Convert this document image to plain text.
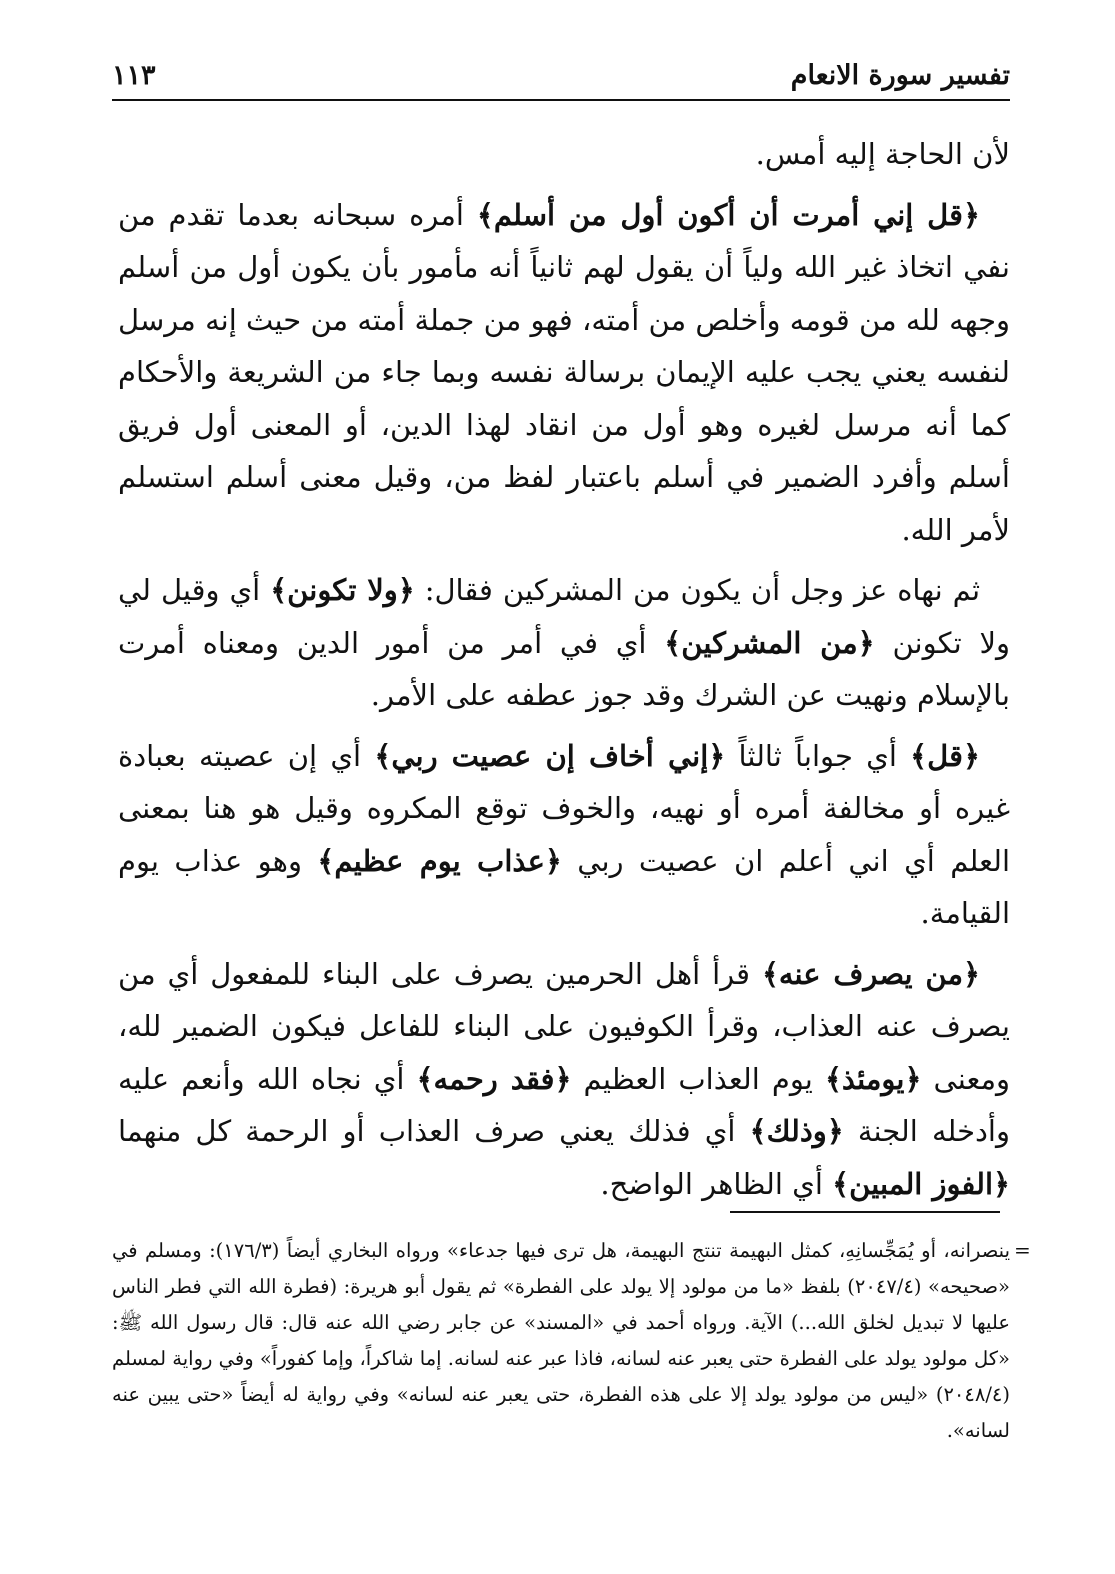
تفسير سورة الانعام
١١٣

لأن الحاجة إليه أمس.

﴿قل إني أمرت أن أكون أول من أسلم﴾ أمره سبحانه بعدما تقدم من نفي اتخاذ غير الله ولياً أن يقول لهم ثانياً أنه مأمور بأن يكون أول من أسلم وجهه لله من قومه وأخلص من أمته، فهو من جملة أمته من حيث إنه مرسل لنفسه يعني يجب عليه الإيمان برسالة نفسه وبما جاء من الشريعة والأحكام كما أنه مرسل لغيره وهو أول من انقاد لهذا الدين، أو المعنى أول فريق أسلم وأفرد الضمير في أسلم باعتبار لفظ من، وقيل معنى أسلم استسلم لأمر الله.

ثم نهاه عز وجل أن يكون من المشركين فقال: ﴿ولا تكونن﴾ أي وقيل لي ولا تكونن ﴿من المشركين﴾ أي في أمر من أمور الدين ومعناه أمرت بالإسلام ونهيت عن الشرك وقد جوز عطفه على الأمر.

﴿قل﴾ أي جواباً ثالثاً ﴿إني أخاف إن عصيت ربي﴾ أي إن عصيته بعبادة غيره أو مخالفة أمره أو نهيه، والخوف توقع المكروه وقيل هو هنا بمعنى العلم أي اني أعلم ان عصيت ربي ﴿عذاب يوم عظيم﴾ وهو عذاب يوم القيامة.

﴿من يصرف عنه﴾ قرأ أهل الحرمين يصرف على البناء للمفعول أي من يصرف عنه العذاب، وقرأ الكوفيون على البناء للفاعل فيكون الضمير لله، ومعنى ﴿يومئذ﴾ يوم العذاب العظيم ﴿فقد رحمه﴾ أي نجاه الله وأنعم عليه وأدخله الجنة ﴿وذلك﴾ أي فذلك يعني صرف العذاب أو الرحمة كل منهما ﴿الفوز المبين﴾ أي الظاهر الواضح.

=
ينصرانه، أو يُمَجِّسانِهِ، كمثل البهيمة تنتج البهيمة، هل ترى فيها جدعاء» ورواه البخاري أيضاً (١٧٦/٣): ومسلم في «صحيحه» (٢٠٤٧/٤) بلفظ «ما من مولود إلا يولد على الفطرة» ثم يقول أبو هريرة: (فطرة الله التي فطر الناس عليها لا تبديل لخلق الله...) الآية. ورواه أحمد في «المسند» عن جابر رضي الله عنه قال: قال رسول الله ﷺ: «كل مولود يولد على الفطرة حتى يعبر عنه لسانه، فاذا عبر عنه لسانه. إما شاكراً، وإما كفوراً» وفي رواية لمسلم (٢٠٤٨/٤) «ليس من مولود يولد إلا على هذه الفطرة، حتى يعبر عنه لسانه» وفي رواية له أيضاً «حتى يبين عنه لسانه».
